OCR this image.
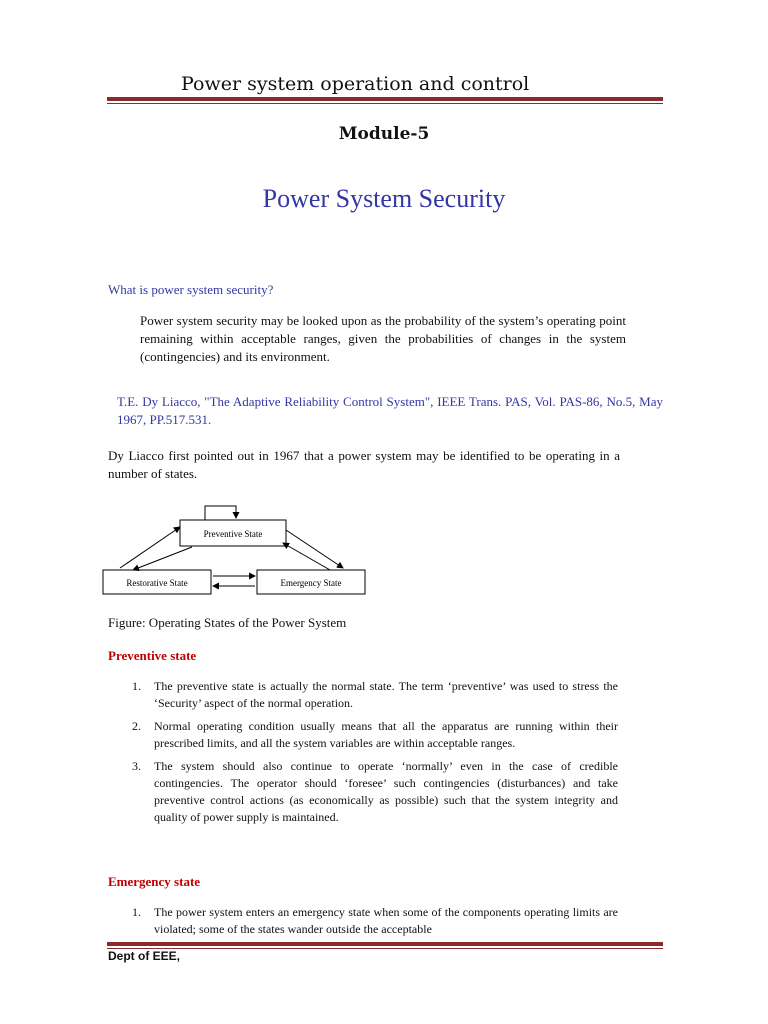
Power system operation and control
Module-5
Power System Security
What is power system security?
Power system security may be looked upon as the probability of the system’s operating point remaining within acceptable ranges, given the probabilities of changes in the system (contingencies) and its environment.
T.E. Dy Liacco, "The Adaptive Reliability Control System", IEEE Trans. PAS, Vol. PAS-86, No.5, May 1967, PP.517.531.
Dy Liacco first pointed out in 1967 that a power system may be identified to be operating in a number of states.
Preventive State
Restorative State	Emergency State
Figure: Operating States of the Power System
Preventive state
1. The preventive state is actually the normal state. The term ‘preventive’ was used to stress the ‘Security’ aspect of the normal operation.
2. Normal operating condition usually means that all the apparatus are running within their prescribed limits, and all the system variables are within acceptable ranges.
3. The system should also continue to operate ‘normally’ even in the case of credible contingencies. The operator should ‘foresee’ such contingencies (disturbances) and take preventive control actions (as economically as possible) such that the system integrity and quality of power supply is maintained.
Emergency state
1. The power system enters an emergency state when some of the components operating limits are violated; some of the states wander outside the acceptable
Dept of EEE,
